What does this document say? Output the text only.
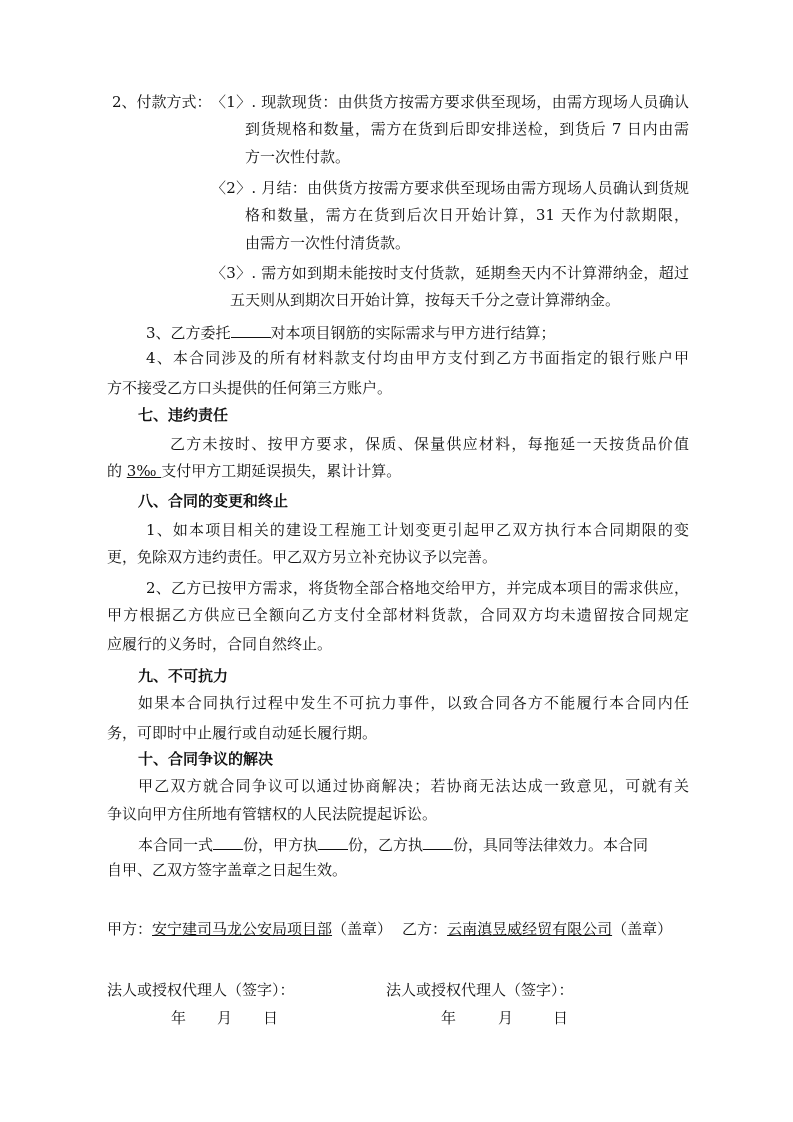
2、付款方式： 〈1〉. 现款现货：由供货方按需方要求供至现场，由需方现场人员确认
到货规格和数量，需方在货到后即安排送检，到货后 7 日内由需
方一次性付款。
〈2〉. 月结：由供货方按需方要求供至现场由需方现场人员确认到货规
格和数量，需方在货到后次日开始计算，31 天作为付款期限，
由需方一次性付清货款。
〈3〉. 需方如到期未能按时支付货款，延期叁天内不计算滞纳金，超过
五天则从到期次日开始计算，按每天千分之壹计算滞纳金。
3、乙方委托	对本项目钢筋的实际需求与甲方进行结算；
4、本合同涉及的所有材料款支付均由甲方支付到乙方书面指定的银行账户甲
方不接受乙方口头提供的任何第三方账户。
七、违约责任
乙方未按时、按甲方要求，保质、保量供应材料，每拖延一天按货品价值
的 3‰ 支付甲方工期延误损失，累计计算。
八、合同的变更和终止
1、如本项目相关的建设工程施工计划变更引起甲乙双方执行本合同期限的变
更，免除双方违约责任。甲乙双方另立补充协议予以完善。
2、乙方已按甲方需求，将货物全部合格地交给甲方，并完成本项目的需求供应，
甲方根据乙方供应已全额向乙方支付全部材料货款，合同双方均未遗留按合同规定
应履行的义务时，合同自然终止。
九、不可抗力
如果本合同执行过程中发生不可抗力事件，以致合同各方不能履行本合同内任
务，可即时中止履行或自动延长履行期。
十、合同争议的解决
甲乙双方就合同争议可以通过协商解决；若协商无法达成一致意见，可就有关
争议向甲方住所地有管辖权的人民法院提起诉讼。
本合同一式 份，甲方执 份，乙方执 份，具同等法律效力。本合同
自甲、乙双方签字盖章之日起生效。
甲方：安宁建司马龙公安局项目部（盖章） 乙方：云南滇昱威经贸有限公司（盖章）
法人或授权代理人（签字）：	法人或授权代理人（签字）：
年 月 日	年	月	日
